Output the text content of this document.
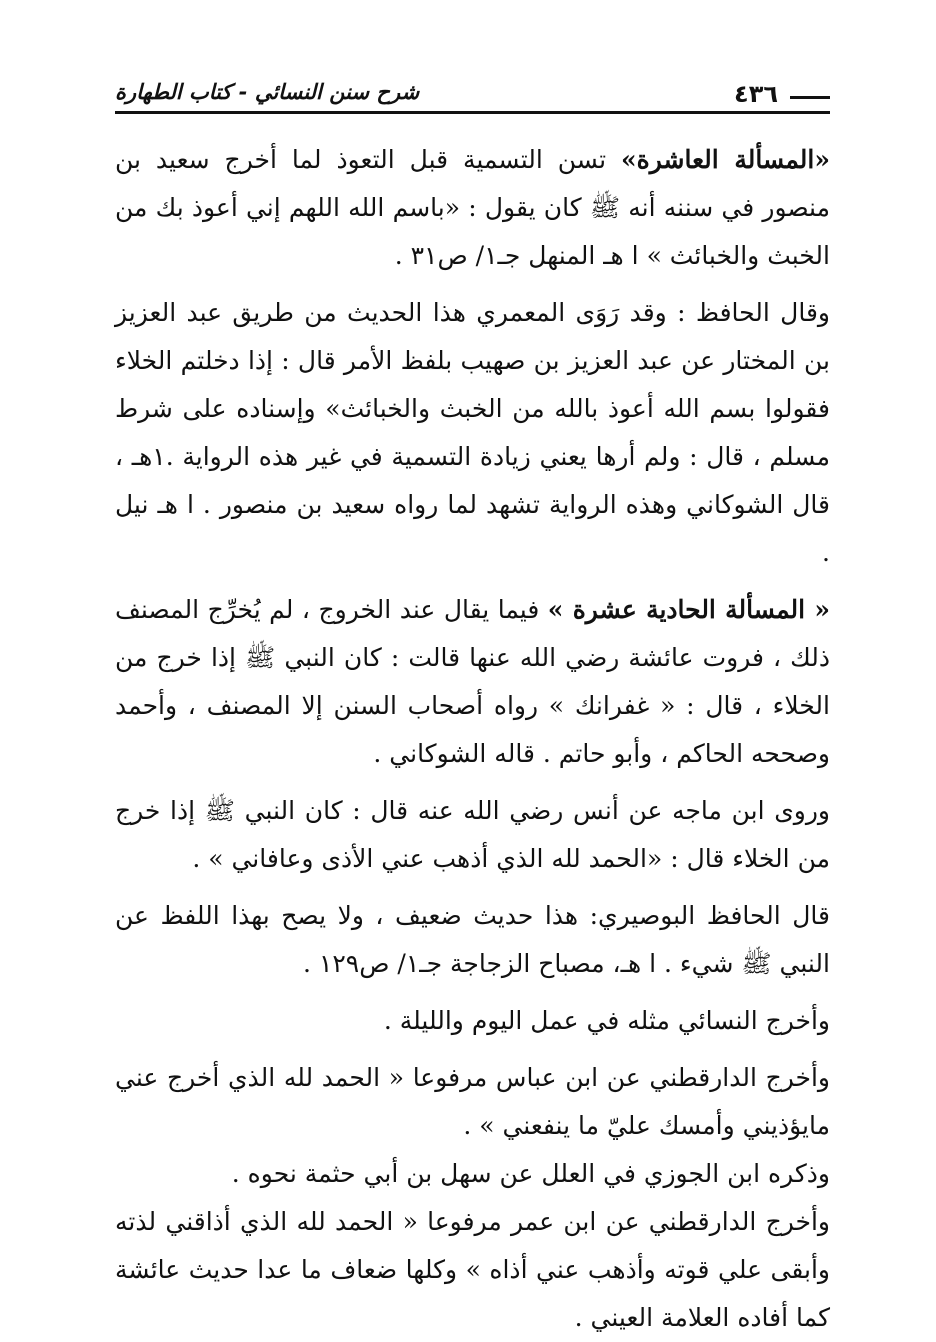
شرح سنن النسائي - كتاب الطهارة	٤٣٦

«المسألة العاشرة» تسن التسمية قبل التعوذ لما أخرج سعيد بن منصور في سننه أنه ﷺ كان يقول : «باسم الله اللهم إني أعوذ بك من الخبث والخبائث » ا هـ المنهل جـ١/ ص٣١ .

وقال الحافظ : وقد رَوَى المعمري هذا الحديث من طريق عبد العزيز بن المختار عن عبد العزيز بن صهيب بلفظ الأمر قال : إذا دخلتم الخلاء فقولوا بسم الله أعوذ بالله من الخبث والخبائث» وإسناده على شرط مسلم ، قال : ولم أرها يعني زيادة التسمية في غير هذه الرواية .١هـ ، قال الشوكاني وهذه الرواية تشهد لما رواه سعيد بن منصور . ا هـ نيل .

« المسألة الحادية عشرة » فيما يقال عند الخروج ، لم يُخرِّج المصنف ذلك ، فروت عائشة رضي الله عنها قالت : كان النبي ﷺ إذا خرج من الخلاء ، قال : « غفرانك » رواه أصحاب السنن إلا المصنف ، وأحمد وصححه الحاكم ، وأبو حاتم . قاله الشوكاني .

وروى ابن ماجه عن أنس رضي الله عنه قال : كان النبي ﷺ إذا خرج من الخلاء قال : «الحمد لله الذي أذهب عني الأذى وعافاني » .

قال الحافظ البوصيري: هذا حديث ضعيف ، ولا يصح بهذا اللفظ عن النبي ﷺ شيء . ا هـ، مصباح الزجاجة جـ١/ ص١٢٩ .

وأخرج النسائي مثله في عمل اليوم والليلة .

وأخرج الدارقطني عن ابن عباس مرفوعا « الحمد لله الذي أخرج عني مايؤذيني وأمسك عليّ ما ينفعني » .

وذكره ابن الجوزي في العلل عن سهل بن أبي حثمة نحوه .

وأخرج الدارقطني عن ابن عمر مرفوعا « الحمد لله الذي أذاقني لذته وأبقى علي قوته وأذهب عني أذاه » وكلها ضعاف ما عدا حديث عائشة كما أفاده العلامة العيني .
